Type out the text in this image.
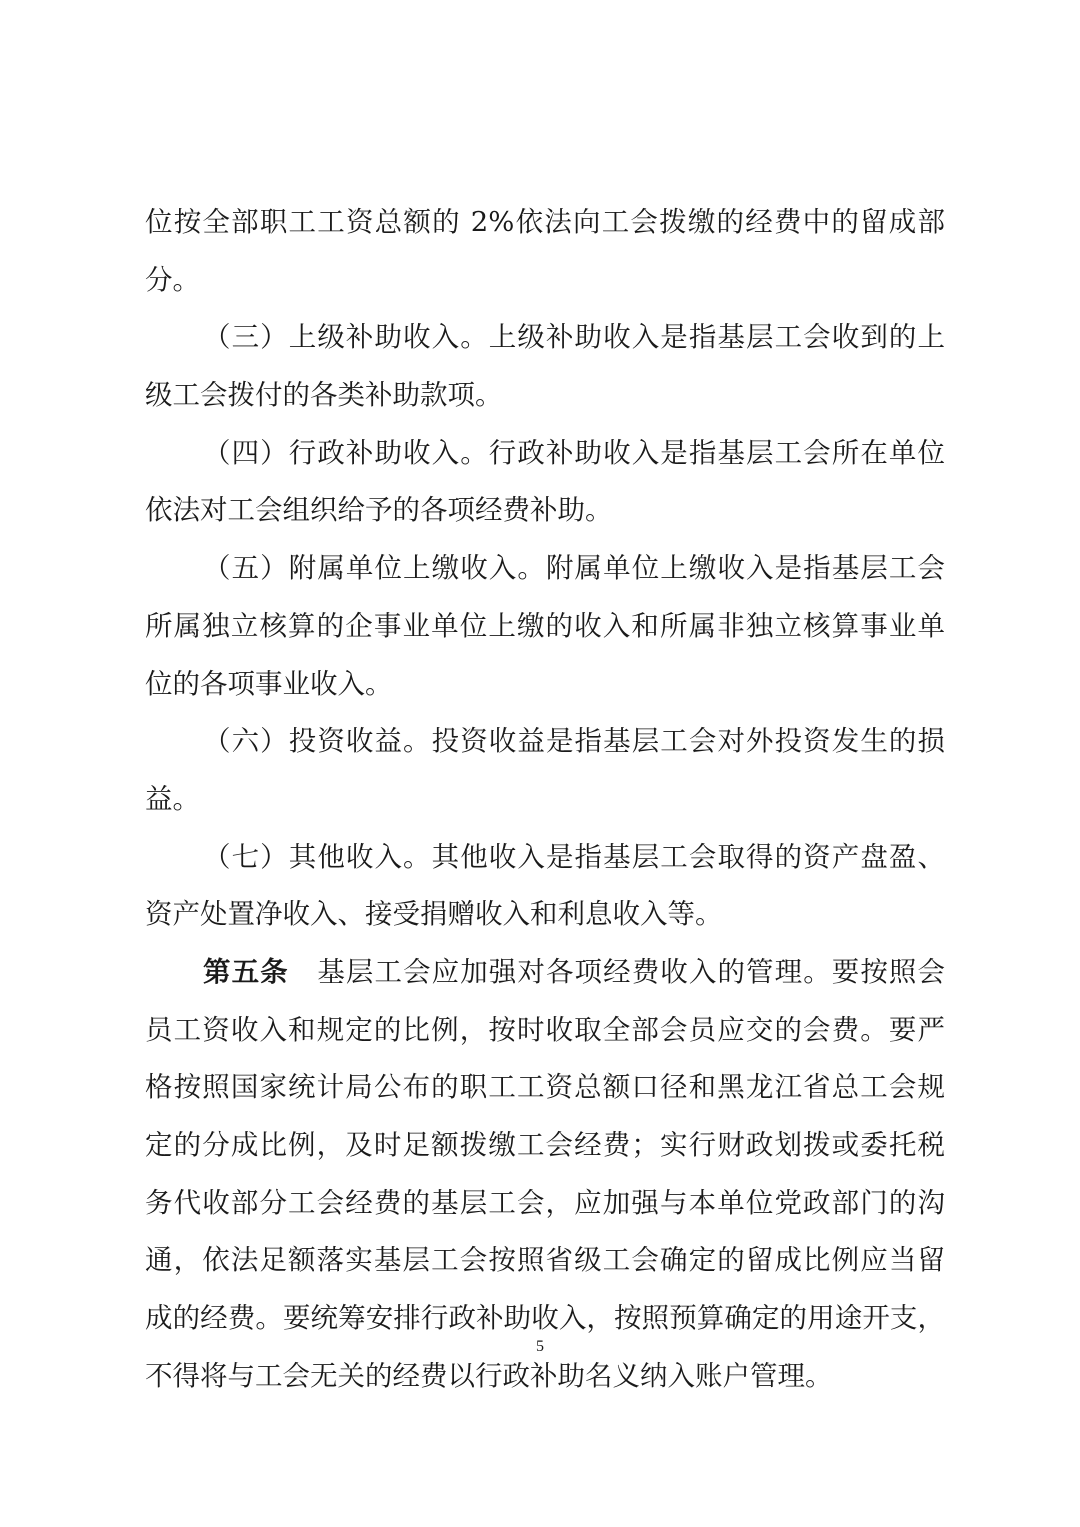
位按全部职工工资总额的 2%依法向工会拨缴的经费中的留成部
分。
（三）上级补助收入。上级补助收入是指基层工会收到的上
级工会拨付的各类补助款项。
（四）行政补助收入。行政补助收入是指基层工会所在单位
依法对工会组织给予的各项经费补助。
（五）附属单位上缴收入。附属单位上缴收入是指基层工会
所属独立核算的企事业单位上缴的收入和所属非独立核算事业单
位的各项事业收入。
（六）投资收益。投资收益是指基层工会对外投资发生的损
益。
（七）其他收入。其他收入是指基层工会取得的资产盘盈、
资产处置净收入、接受捐赠收入和利息收入等。
第五条  基层工会应加强对各项经费收入的管理。要按照会
员工资收入和规定的比例，按时收取全部会员应交的会费。要严
格按照国家统计局公布的职工工资总额口径和黑龙江省总工会规
定的分成比例，及时足额拨缴工会经费；实行财政划拨或委托税
务代收部分工会经费的基层工会，应加强与本单位党政部门的沟
通，依法足额落实基层工会按照省级工会确定的留成比例应当留
成的经费。要统筹安排行政补助收入，按照预算确定的用途开支，
不得将与工会无关的经费以行政补助名义纳入账户管理。
5
